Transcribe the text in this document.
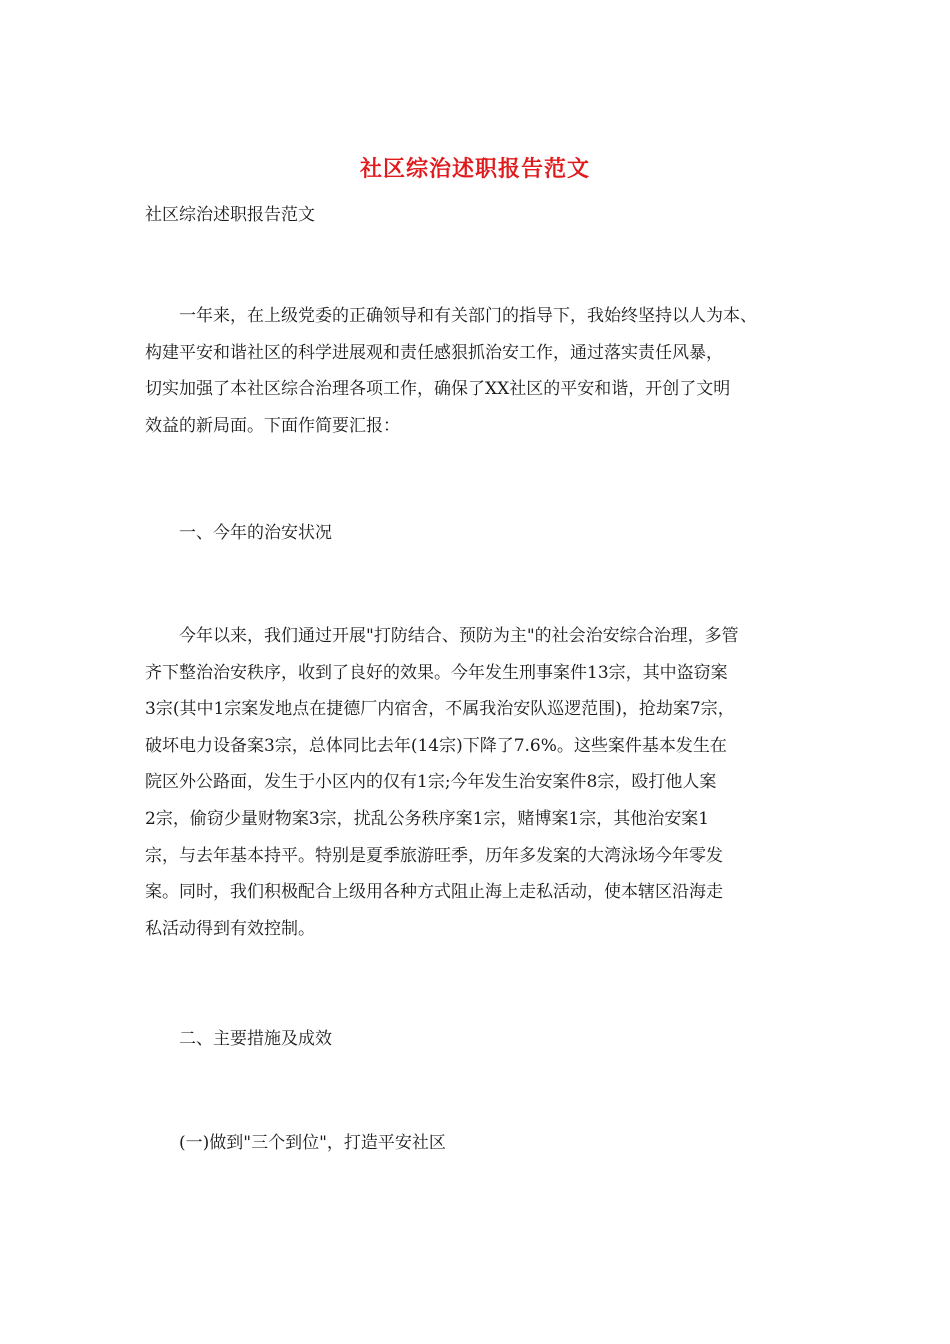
社区综治述职报告范文

社区综治述职报告范文

一年来，在上级党委的正确领导和有关部门的指导下，我始终坚持以人为本、
构建平安和谐社区的科学进展观和责任感狠抓治安工作，通过落实责任风暴，
切实加强了本社区综合治理各项工作，确保了XX社区的平安和谐，开创了文明
效益的新局面。下面作简要汇报：

一、今年的治安状况

今年以来，我们通过开展"打防结合、预防为主"的社会治安综合治理，多管
齐下整治治安秩序，收到了良好的效果。今年发生刑事案件13宗，其中盗窃案
3宗(其中1宗案发地点在捷德厂内宿舍，不属我治安队巡逻范围)，抢劫案7宗，
破坏电力设备案3宗，总体同比去年(14宗)下降了7.6%。这些案件基本发生在
院区外公路面，发生于小区内的仅有1宗;今年发生治安案件8宗，殴打他人案
2宗，偷窃少量财物案3宗，扰乱公务秩序案1宗，赌博案1宗，其他治安案1
宗，与去年基本持平。特别是夏季旅游旺季，历年多发案的大湾泳场今年零发
案。同时，我们积极配合上级用各种方式阻止海上走私活动，使本辖区沿海走
私活动得到有效控制。

二、主要措施及成效

(一)做到"三个到位"，打造平安社区
